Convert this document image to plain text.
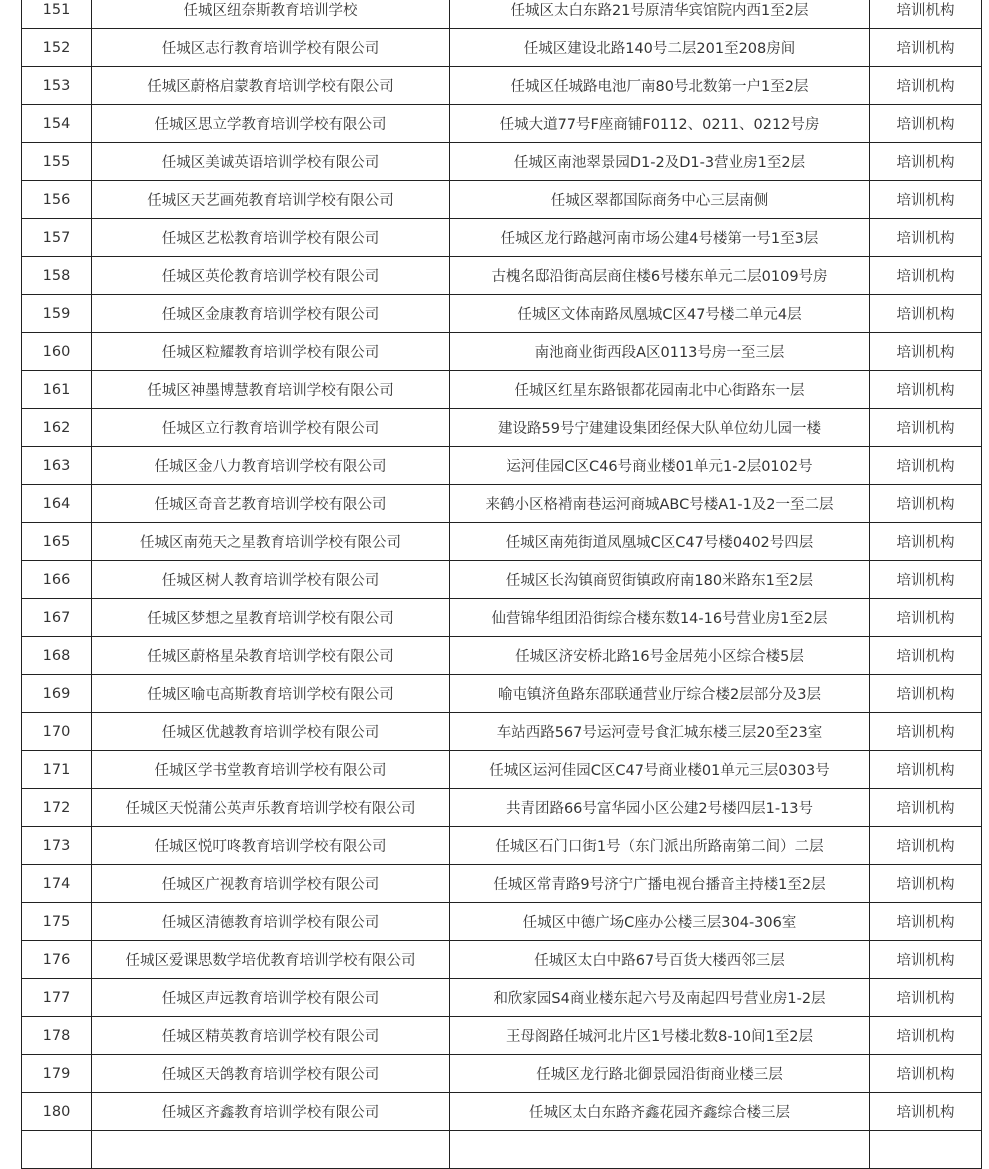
151	任城区纽奈斯教育培训学校	任城区太白东路21号原清华宾馆院内西1至2层	培训机构
152	任城区志行教育培训学校有限公司	任城区建设北路140号二层201至208房间	培训机构
153	任城区蔚格启蒙教育培训学校有限公司	任城区任城路电池厂南80号北数第一户1至2层	培训机构
154	任城区思立学教育培训学校有限公司	任城大道77号F座商铺F0112、0211、0212号房	培训机构
155	任城区美诚英语培训学校有限公司	任城区南池翠景园D1-2及D1-3营业房1至2层	培训机构
156	任城区天艺画苑教育培训学校有限公司	任城区翠都国际商务中心三层南侧	培训机构
157	任城区艺松教育培训学校有限公司	任城区龙行路越河南市场公建4号楼第一号1至3层	培训机构
158	任城区英伦教育培训学校有限公司	古槐名邸沿街高层商住楼6号楼东单元二层0109号房	培训机构
159	任城区金康教育培训学校有限公司	任城区文体南路凤凰城C区47号楼二单元4层	培训机构
160	任城区粒耀教育培训学校有限公司	南池商业街西段A区0113号房一至三层	培训机构
161	任城区神墨博慧教育培训学校有限公司	任城区红星东路银都花园南北中心街路东一层	培训机构
162	任城区立行教育培训学校有限公司	建设路59号宁建建设集团经保大队单位幼儿园一楼	培训机构
163	任城区金八力教育培训学校有限公司	运河佳园C区C46号商业楼01单元1-2层0102号	培训机构
164	任城区奇音艺教育培训学校有限公司	来鹤小区格褙南巷运河商城ABC号楼A1-1及2一至二层	培训机构
165	任城区南苑天之星教育培训学校有限公司	任城区南苑街道凤凰城C区C47号楼0402号四层	培训机构
166	任城区树人教育培训学校有限公司	任城区长沟镇商贸街镇政府南180米路东1至2层	培训机构
167	任城区梦想之星教育培训学校有限公司	仙营锦华组团沿街综合楼东数14-16号营业房1至2层	培训机构
168	任城区蔚格星朵教育培训学校有限公司	任城区济安桥北路16号金居苑小区综合楼5层	培训机构
169	任城区喻屯高斯教育培训学校有限公司	喻屯镇济鱼路东邵联通营业厅综合楼2层部分及3层	培训机构
170	任城区优越教育培训学校有限公司	车站西路567号运河壹号食汇城东楼三层20至23室	培训机构
171	任城区学书堂教育培训学校有限公司	任城区运河佳园C区C47号商业楼01单元三层0303号	培训机构
172	任城区天悦蒲公英声乐教育培训学校有限公司	共青团路66号富华园小区公建2号楼四层1-13号	培训机构
173	任城区悦叮咚教育培训学校有限公司	任城区石门口街1号（东门派出所路南第二间）二层	培训机构
174	任城区广视教育培训学校有限公司	任城区常青路9号济宁广播电视台播音主持楼1至2层	培训机构
175	任城区清德教育培训学校有限公司	任城区中德广场C座办公楼三层304-306室	培训机构
176	任城区爱课思数学培优教育培训学校有限公司	任城区太白中路67号百货大楼西邻三层	培训机构
177	任城区声远教育培训学校有限公司	和欣家园S4商业楼东起六号及南起四号营业房1-2层	培训机构
178	任城区精英教育培训学校有限公司	王母阁路任城河北片区1号楼北数8-10间1至2层	培训机构
179	任城区天鸽教育培训学校有限公司	任城区龙行路北御景园沿街商业楼三层	培训机构
180	任城区齐鑫教育培训学校有限公司	任城区太白东路齐鑫花园齐鑫综合楼三层	培训机构
